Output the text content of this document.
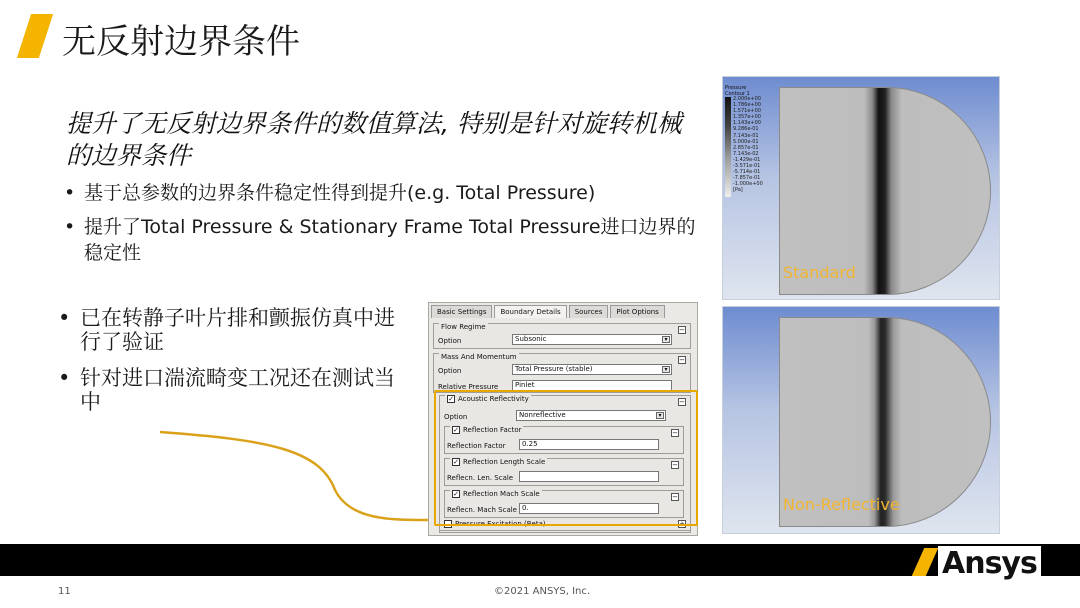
无反射边界条件
提升了无反射边界条件的数值算法, 特别是针对旋转机械的边界条件
• 基于总参数的边界条件稳定性得到提升(e.g. Total Pressure)
• 提升了Total Pressure & Stationary Frame Total Pressure进口边界的稳定性
• 已在转静子叶片排和颤振仿真中进行了验证
• 针对进口湍流畸变工况还在测试当中
Basic Settings	Boundary Details	Sources	Plot Options
Flow Regime	−
Option	Subsonic	▾
Mass And Momentum	−
Option	Total Pressure (stable)	▾
Relative Pressure	Pinlet
✓ Acoustic Reflectivity	−
Option	Nonreflective	▾
✓ Reflection Factor	−
Reflection Factor	0.25
✓ Reflection Length Scale	−
Reflecn. Len. Scale
✓ Reflection Mach Scale	−
Reflecn. Mach Scale 0.
Pressure Excitation (Beta)	+
Pressure
Contour 1
2.000e+00
1.786e+00
1.571e+00
1.357e+00
1.143e+00
9.286e-01
7.143e-01
5.000e-01
2.857e-01
7.143e-02
-1.429e-01
-3.571e-01
-5.714e-01
-7.857e-01
-1.000e+00
[Pa]
Standard
Non-Reflective
Ansys
11	©2021 ANSYS, Inc.
